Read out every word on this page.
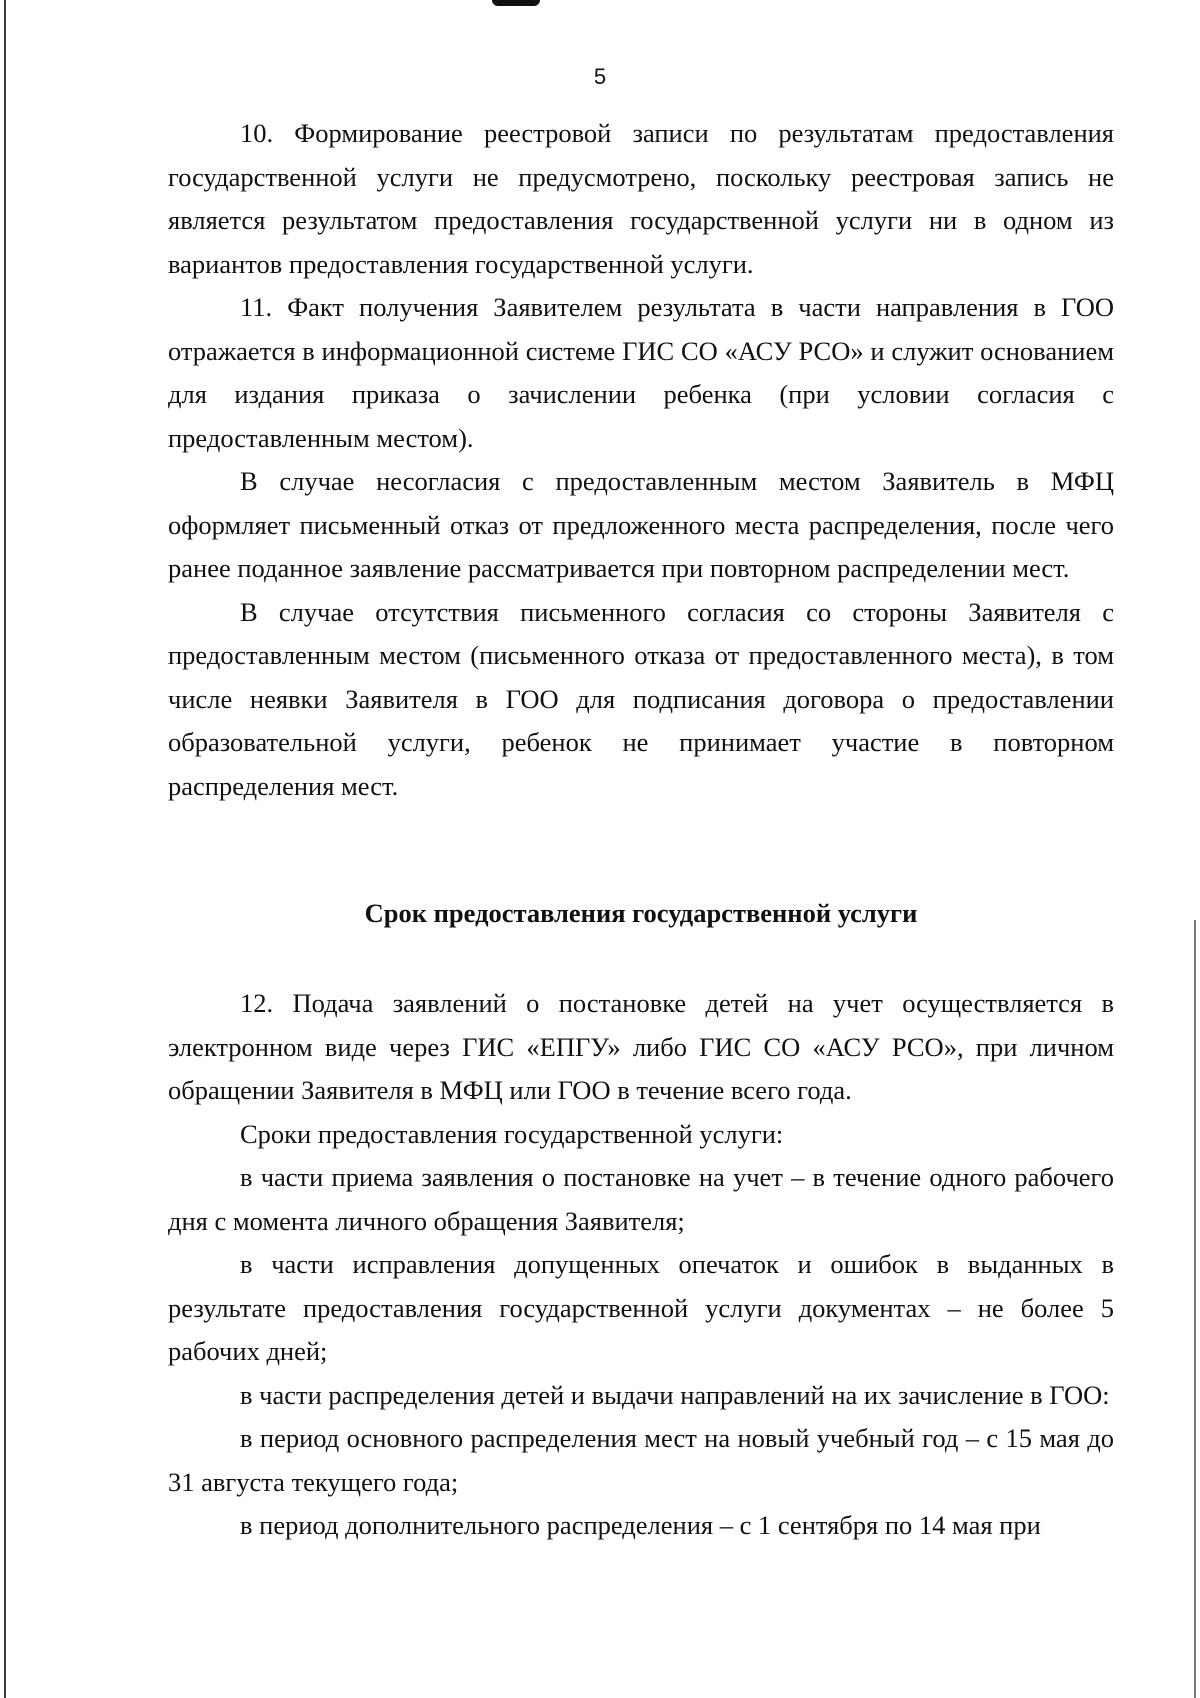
5

10. Формирование реестровой записи по результатам предоставления государственной услуги не предусмотрено, поскольку реестровая запись не является результатом предоставления государственной услуги ни в одном из вариантов предоставления государственной услуги.

11. Факт получения Заявителем результата в части направления в ГОО отражается в информационной системе ГИС СО «АСУ РСО» и служит основанием для издания приказа о зачислении ребенка (при условии согласия с предоставленным местом).

В случае несогласия с предоставленным местом Заявитель в МФЦ оформляет письменный отказ от предложенного места распределения, после чего ранее поданное заявление рассматривается при повторном распределении мест.

В случае отсутствия письменного согласия со стороны Заявителя с предоставленным местом (письменного отказа от предоставленного места), в том числе неявки Заявителя в ГОО для подписания договора о предоставлении образовательной услуги, ребенок не принимает участие в повторном распределения мест.

Срок предоставления государственной услуги

12. Подача заявлений о постановке детей на учет осуществляется в электронном виде через ГИС «ЕПГУ» либо ГИС СО «АСУ РСО», при личном обращении Заявителя в МФЦ или ГОО в течение всего года.

Сроки предоставления государственной услуги:

в части приема заявления о постановке на учет – в течение одного рабочего дня с момента личного обращения Заявителя;

в части исправления допущенных опечаток и ошибок в выданных в результате предоставления государственной услуги документах – не более 5 рабочих дней;

в части распределения детей и выдачи направлений на их зачисление в ГОО:

в период основного распределения мест на новый учебный год – с 15 мая до 31 августа текущего года;

в период дополнительного распределения – с 1 сентября по 14 мая при
